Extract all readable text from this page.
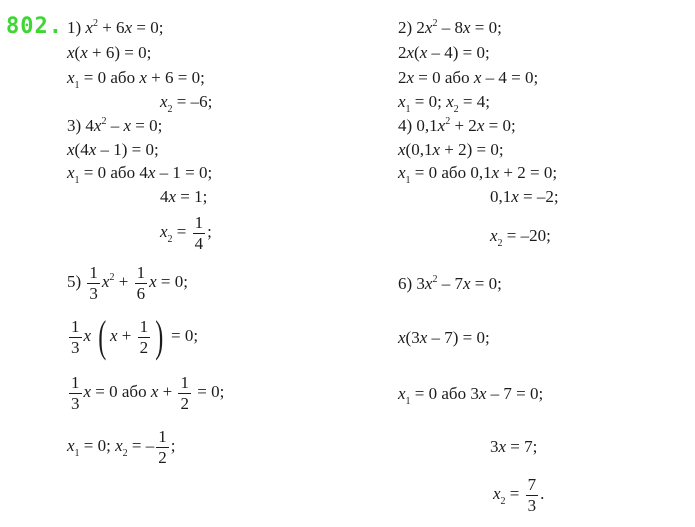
802. 1) $x^2 + 6x = 0$;
x(x + 6) = 0;
$x_1 = 0$ або x + 6 = 0;
$x_2 = -6$;
3) $4x^2 - x = 0$;
x(4x – 1) = 0;
$x_1 = 0$ або 4x – 1 = 0;
4x = 1;
$x_2 = \frac{1}{4}$ ;
$5) \frac{1}{3} x^2 + \frac{1}{6}$ x = 0;
$\frac{1}{3}$ x ( $x + \frac{1}{2}$ ) = 0;
$\frac{1}{3}$ x = 0 або $x + \frac{1}{2} = 0$;
$x_1 = 0$; $x_2$ = – $\frac{1}{2}$ ;
2) $2x^2 - 8x = 0$;
2x(x – 4) = 0;
2x = 0 або x – 4 = 0;
$x_1 = 0$; $x_2 = 4$;
4) $0,1x^2 + 2x = 0$;
x(0,1x + 2) = 0;
$x_1 = 0$ або 0,1x + 2 = 0;
0,1x = –2;
$x_2 = -20$;
6) $3x^2 - 7x = 0$;
x(3x – 7) = 0;
$x_1 = 0$ або 3x – 7 = 0;
3x = 7;
$x_2 = \frac{7}{3}$ .
